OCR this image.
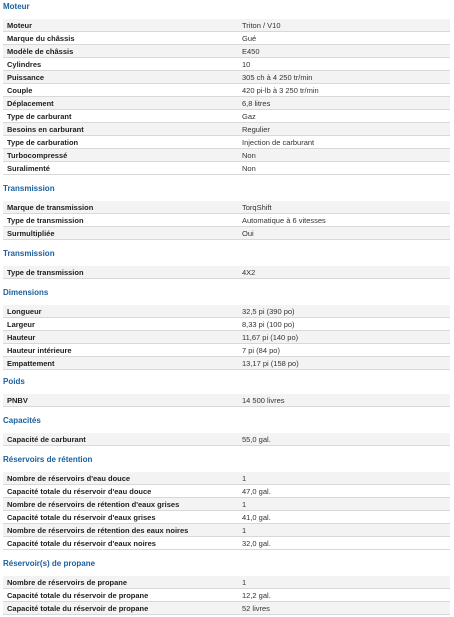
Moteur
Moteur	Triton / V10
Marque du châssis	Gué
Modèle de châssis	E450
Cylindres	10
Puissance	305 ch à 4 250 tr/min
Couple	420 pi-lb à 3 250 tr/min
Déplacement	6,8 litres
Type de carburant	Gaz
Besoins en carburant	Regulier
Type de carburation	Injection de carburant
Turbocompressé	Non
Suralimenté	Non
Transmission
Marque de transmission	TorqShift
Type de transmission	Automatique à 6 vitesses
Surmultipliée	Oui
Transmission
Type de transmission	4X2
Dimensions
Longueur	32,5 pi (390 po)
Largeur	8,33 pi (100 po)
Hauteur	11,67 pi (140 po)
Hauteur intérieure	7 pi (84 po)
Empattement	13,17 pi (158 po)
Poids
PNBV	14 500 livres
Capacités
Capacité de carburant	55,0 gal.
Réservoirs de rétention
Nombre de réservoirs d'eau douce	1
Capacité totale du réservoir d'eau douce	47,0 gal.
Nombre de réservoirs de rétention d'eaux grises	1
Capacité totale du réservoir d'eaux grises	41,0 gal.
Nombre de réservoirs de rétention des eaux noires	1
Capacité totale du réservoir d'eaux noires	32,0 gal.
Réservoir(s) de propane
Nombre de réservoirs de propane	1
Capacité totale du réservoir de propane	12,2 gal.
Capacité totale du réservoir de propane	52 livres
